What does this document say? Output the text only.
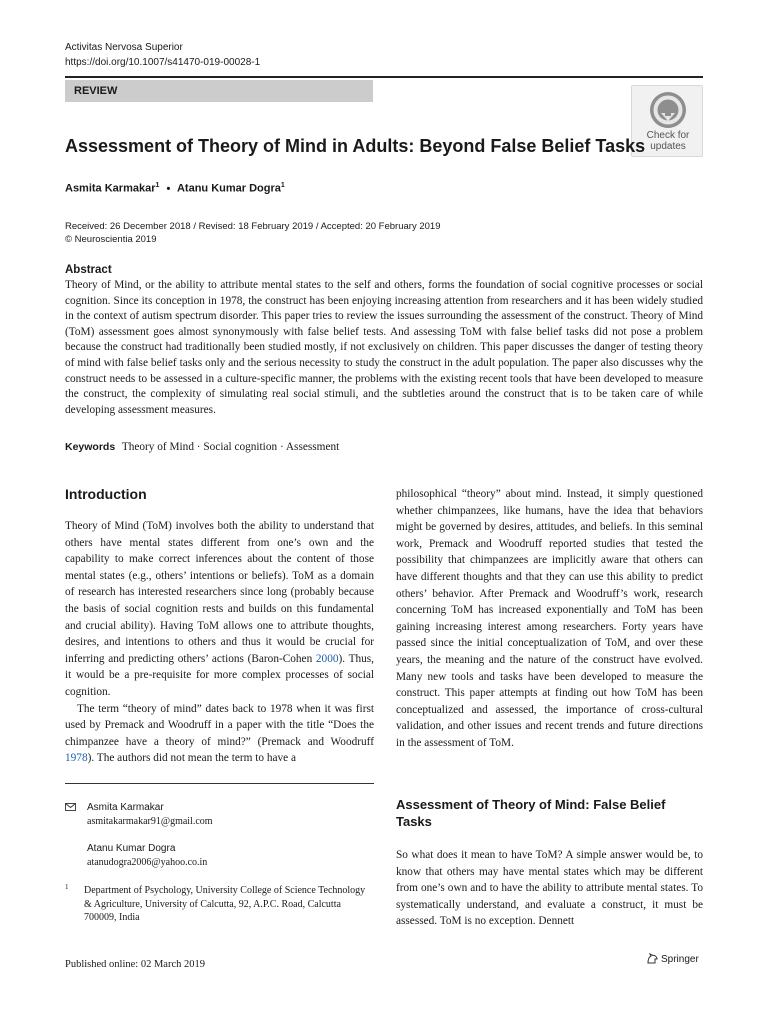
Activitas Nervosa Superior
https://doi.org/10.1007/s41470-019-00028-1
REVIEW
Check for
updates
Assessment of Theory of Mind in Adults: Beyond False Belief Tasks
Asmita Karmakar$^1$ • Atanu Kumar Dogra$^1$
Received: 26 December 2018 / Revised: 18 February 2019 / Accepted: 20 February 2019
© Neuroscientia 2019
Abstract

Theory of Mind, or the ability to attribute mental states to the self and others, forms the foundation of social cognitive processes or social cognition. Since its conception in 1978, the construct has been enjoying increasing attention from researchers and it has been widely studied in the context of autism spectrum disorder. This paper tries to review the issues surrounding the assessment of the construct. Theory of Mind (ToM) assessment goes almost synonymously with false belief tests. And assessing ToM with false belief tasks did not pose a problem because the construct had traditionally been studied mostly, if not exclusively on children. This paper discusses the danger of testing theory of mind with false belief tasks only and the serious necessity to study the construct in the adult population. The paper also discusses why the construct needs to be assessed in a culture-specific manner, the problems with the existing recent tools that have been developed to measure the construct, the complexity of simulating real social stimuli, and the subtleties around the construct that is to be taken care of while developing assessment measures.

Keywords Theory of Mind · Social cognition · Assessment
Introduction

Theory of Mind (ToM) involves both the ability to understand that others have mental states different from one’s own and the capability to make correct inferences about the content of those mental states (e.g., others’ intentions or beliefs). ToM as a domain of research has interested researchers since long (probably because the basis of social cognition rests and builds on this fundamental and crucial ability). Having ToM allows one to attribute thoughts, desires, and intentions to others and thus it would be crucial for inferring and predicting others’ actions (Baron-Cohen 2000). Thus, it would be a pre-requisite for more complex processes of social cognition.

The term “theory of mind” dates back to 1978 when it was first used by Premack and Woodruff in a paper with the title “Does the chimpanzee have a theory of mind?” (Premack and Woodruff 1978). The authors did not mean the term to have a

philosophical “theory” about mind. Instead, it simply questioned whether chimpanzees, like humans, have the idea that behaviors might be governed by desires, attitudes, and beliefs. In this seminal work, Premack and Woodruff reported studies that tested the possibility that chimpanzees are implicitly aware that others can have different thoughts and that they can use this ability to predict others’ behavior. After Premack and Woodruff’s work, research concerning ToM has increased exponentially and ToM has been gaining increasing interest among researchers. Forty years have passed since the initial conceptualization of ToM, and over these years, the meaning and the nature of the construct have evolved. Many new tools and tasks have been developed to measure the construct. This paper attempts at finding out how ToM has been conceptualized and assessed, the importance of cross-cultural validation, and other issues and recent trends and future directions in the assessment of ToM.

Assessment of Theory of Mind: False Belief Tasks

So what does it mean to have ToM? A simple answer would be, to know that others may have mental states which may be different from one’s own and to have the ability to attribute mental states. To systematically understand, and evaluate a construct, it must be assessed. ToM is no exception. Dennett

Asmita Karmakar
asmitakarmakar91@gmail.com
Atanu Kumar Dogra
atanudogra2006@yahoo.co.in
1	Department of Psychology, University College of Science Technology & Agriculture, University of Calcutta, 92, A.P.C. Road, Calcutta 700009, India
Published online: 02 March 2019	Springer
